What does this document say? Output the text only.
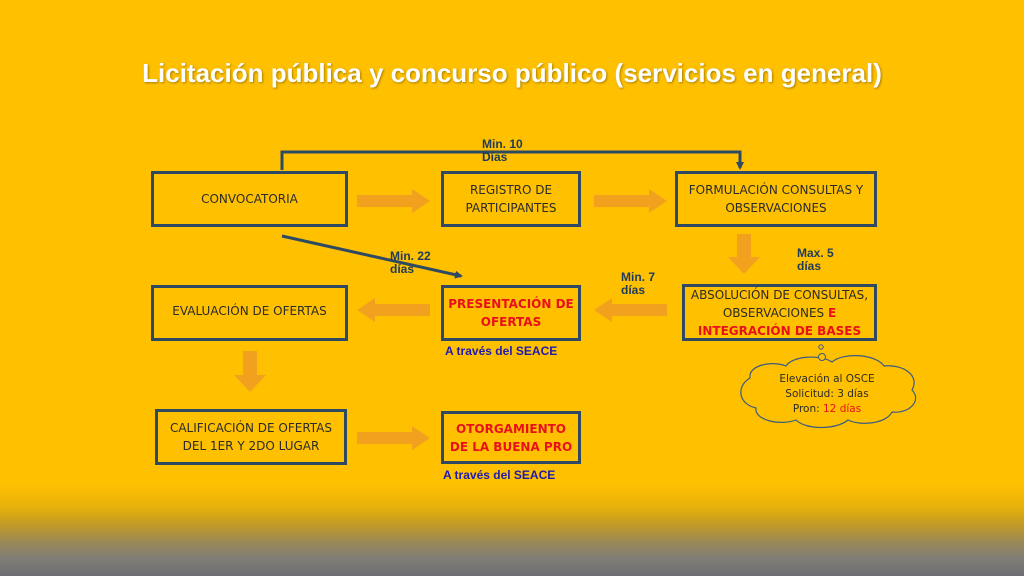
Licitación pública y concurso público (servicios en general)
CONVOCATORIA
REGISTRO DE
PARTICIPANTES
FORMULACIÓN CONSULTAS Y
OBSERVACIONES
EVALUACIÓN DE OFERTAS	PRESENTACIÓN DE
OFERTAS
ABSOLUCIÓN DE CONSULTAS,
OBSERVACIONES E
INTEGRACIÓN DE BASES
CALIFICACIÓN DE OFERTAS
DEL 1ER Y 2DO LUGAR
OTORGAMIENTO
DE LA BUENA PRO
Min. 10
Días
Min. 22
días
Max. 5
días
Min. 7
días
A través del SEACE
A través del SEACE
Elevación al OSCE
Solicitud: 3 días
Pron: 12 días
